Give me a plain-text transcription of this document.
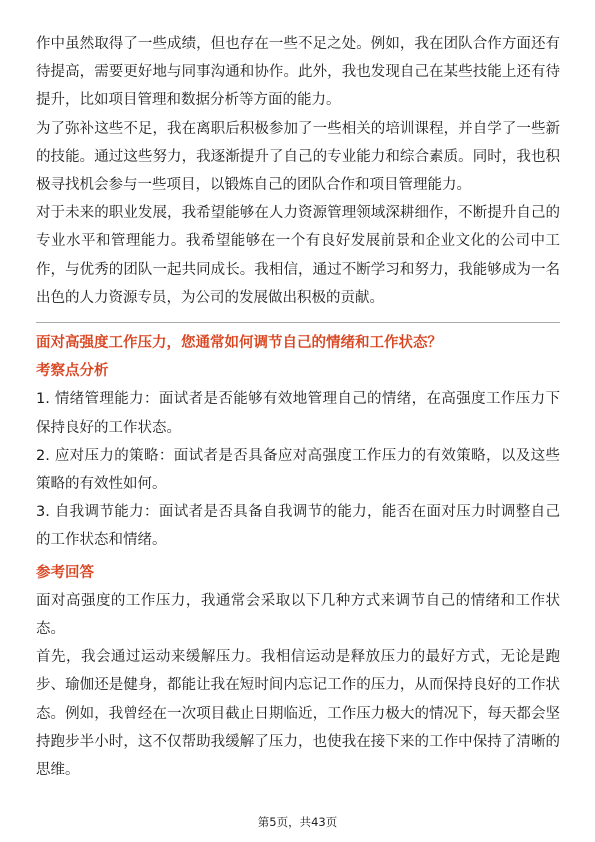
作中虽然取得了一些成绩，但也存在一些不足之处。例如，我在团队合作方面还有待提高，需要更好地与同事沟通和协作。此外，我也发现自己在某些技能上还有待提升，比如项目管理和数据分析等方面的能力。

为了弥补这些不足，我在离职后积极参加了一些相关的培训课程，并自学了一些新的技能。通过这些努力，我逐渐提升了自己的专业能力和综合素质。同时，我也积极寻找机会参与一些项目，以锻炼自己的团队合作和项目管理能力。

对于未来的职业发展，我希望能够在人力资源管理领域深耕细作，不断提升自己的专业水平和管理能力。我希望能够在一个有良好发展前景和企业文化的公司中工作，与优秀的团队一起共同成长。我相信，通过不断学习和努力，我能够成为一名出色的人力资源专员，为公司的发展做出积极的贡献。

面对高强度工作压力，您通常如何调节自己的情绪和工作状态？

考察点分析

1. 情绪管理能力：面试者是否能够有效地管理自己的情绪，在高强度工作压力下保持良好的工作状态。

2. 应对压力的策略：面试者是否具备应对高强度工作压力的有效策略，以及这些策略的有效性如何。

3. 自我调节能力：面试者是否具备自我调节的能力，能否在面对压力时调整自己的工作状态和情绪。

参考回答

面对高强度的工作压力，我通常会采取以下几种方式来调节自己的情绪和工作状态。

首先，我会通过运动来缓解压力。我相信运动是释放压力的最好方式，无论是跑步、瑜伽还是健身，都能让我在短时间内忘记工作的压力，从而保持良好的工作状态。例如，我曾经在一次项目截止日期临近，工作压力极大的情况下，每天都会坚持跑步半小时，这不仅帮助我缓解了压力，也使我在接下来的工作中保持了清晰的思维。

第5页，共43页
